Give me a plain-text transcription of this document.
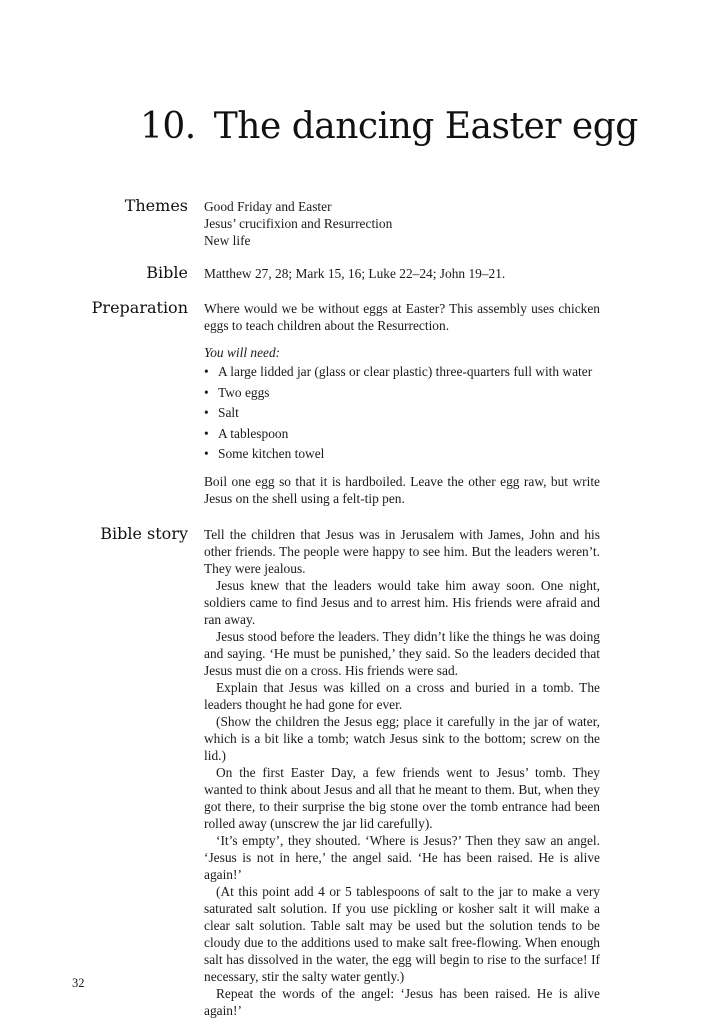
10. The dancing Easter egg
Themes Good Friday and Easter
Jesus’ crucifixion and Resurrection
New life
Bible Matthew 27, 28; Mark 15, 16; Luke 22–24; John 19–21.
Preparation Where would we be without eggs at Easter? This assembly uses chicken eggs to teach children about the Resurrection.

You will need:

• A large lidded jar (glass or clear plastic) three-quarters full with water
• Two eggs
• Salt
• A tablespoon
• Some kitchen towel

Boil one egg so that it is hardboiled. Leave the other egg raw, but write Jesus on the shell using a felt-tip pen.

Bible story Tell the children that Jesus was in Jerusalem with James, John and his other friends. The people were happy to see him. But the leaders weren’t. They were jealous.

Jesus knew that the leaders would take him away soon. One night, soldiers came to find Jesus and to arrest him. His friends were afraid and ran away.

Jesus stood before the leaders. They didn’t like the things he was doing and saying. ‘He must be punished,’ they said. So the leaders decided that Jesus must die on a cross. His friends were sad.

Explain that Jesus was killed on a cross and buried in a tomb. The leaders thought he had gone for ever.

(Show the children the Jesus egg; place it carefully in the jar of water, which is a bit like a tomb; watch Jesus sink to the bottom; screw on the lid.)

On the first Easter Day, a few friends went to Jesus’ tomb. They wanted to think about Jesus and all that he meant to them. But, when they got there, to their surprise the big stone over the tomb entrance had been rolled away (unscrew the jar lid carefully).

‘It’s empty’, they shouted. ‘Where is Jesus?’ Then they saw an angel. ‘Jesus is not in here,’ the angel said. ‘He has been raised. He is alive again!’

(At this point add 4 or 5 tablespoons of salt to the jar to make a very saturated salt solution. If you use pickling or kosher salt it will make a clear salt solution. Table salt may be used but the solution tends to be cloudy due to the additions used to make salt free-flowing. When enough salt has dissolved in the water, the egg will begin to rise to the surface! If necessary, stir the salty water gently.)

Repeat the words of the angel: ‘Jesus has been raised. He is alive again!’

32
